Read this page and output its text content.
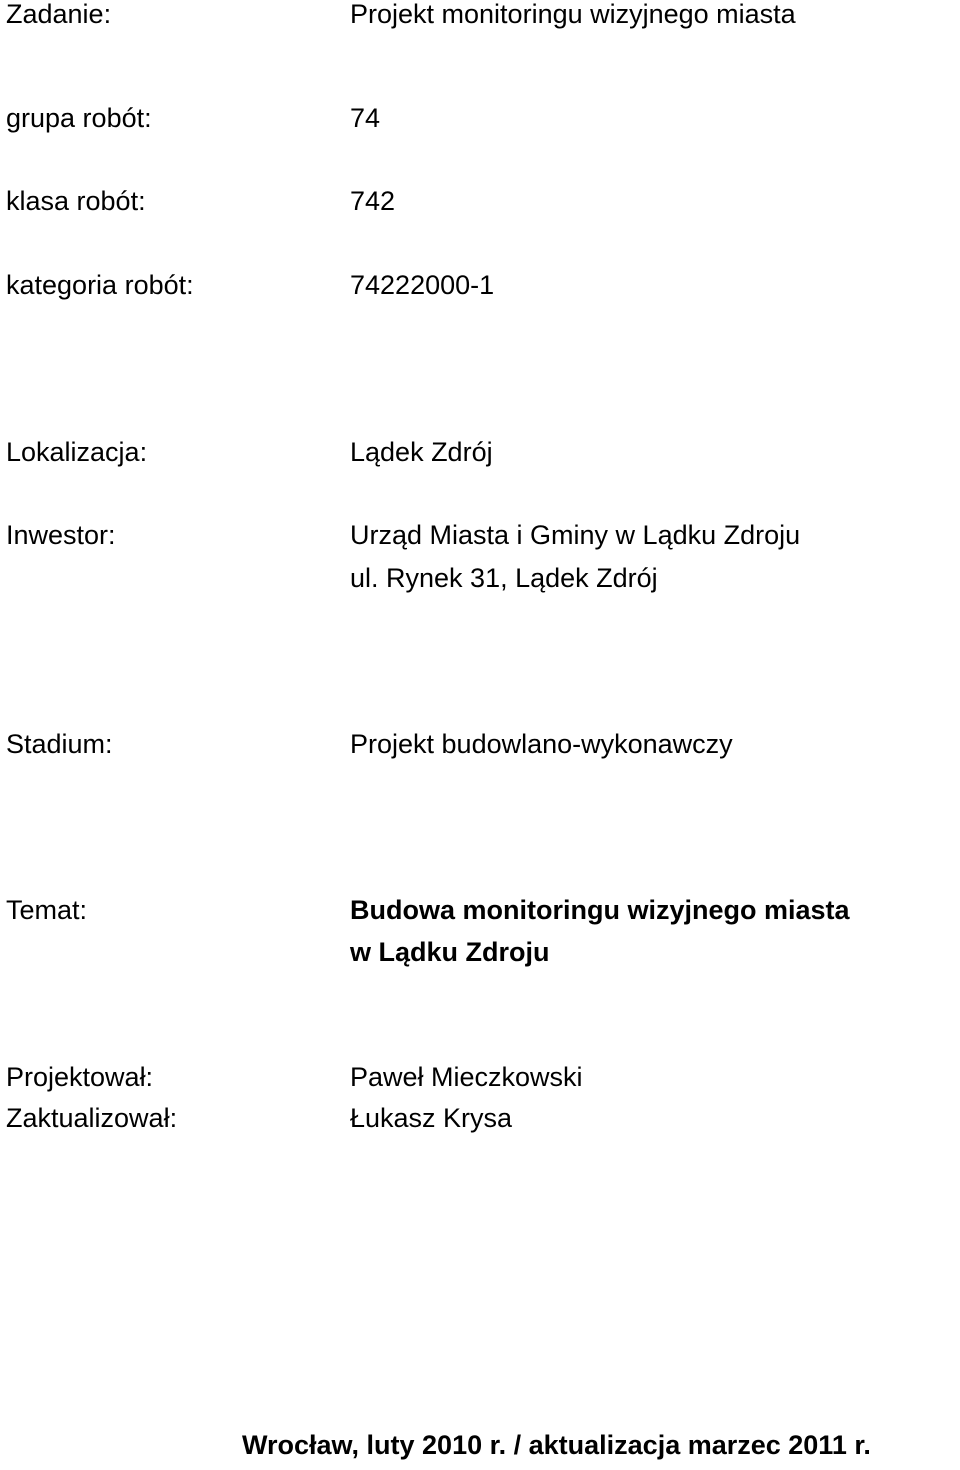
Zadanie:	Projekt monitoringu wizyjnego miasta
grupa robót:	74
klasa robót:	742
kategoria robót:	74222000-1
Lokalizacja:	Lądek Zdrój
Inwestor:	Urząd Miasta i Gminy w Lądku Zdroju
ul. Rynek 31, Lądek Zdrój
Stadium:	Projekt budowlano-wykonawczy
Temat:	Budowa monitoringu wizyjnego miasta
w Lądku Zdroju
Projektował:	Paweł Mieczkowski
Zaktualizował:	Łukasz Krysa
Wrocław, luty 2010 r. / aktualizacja marzec 2011 r.
